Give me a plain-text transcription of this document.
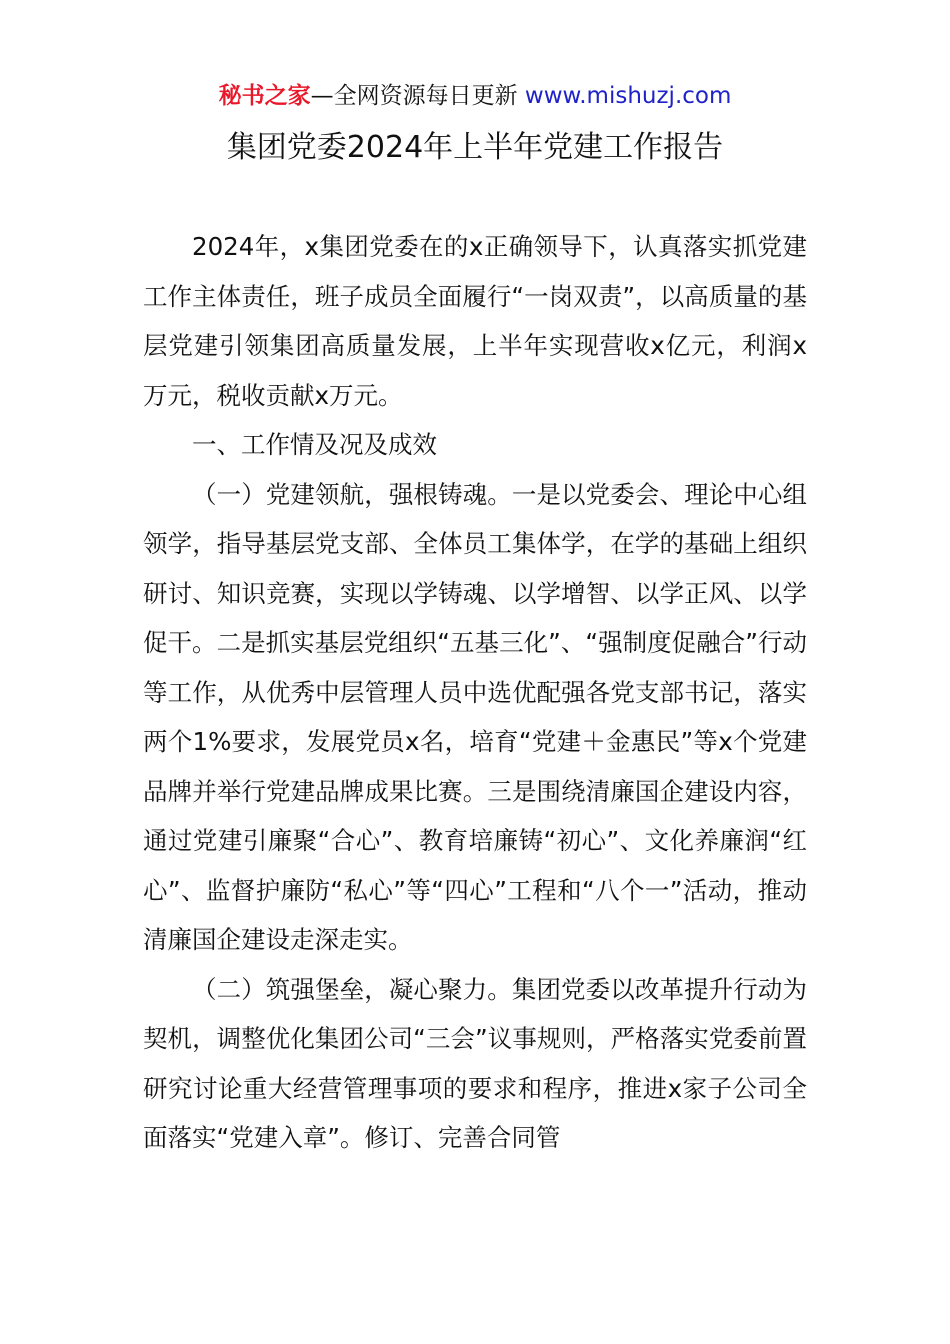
秘书之家—全网资源每日更新 www.mishuzj.com
集团党委2024年上半年党建工作报告

2024年，x集团党委在的x正确领导下，认真落实抓党建工作主体责任，班子成员全面履行“一岗双责”，以高质量的基层党建引领集团高质量发展，上半年实现营收x亿元，利润x万元，税收贡献x万元。

一、工作情及况及成效

（一）党建领航，强根铸魂。一是以党委会、理论中心组领学，指导基层党支部、全体员工集体学，在学的基础上组织研讨、知识竞赛，实现以学铸魂、以学增智、以学正风、以学促干。二是抓实基层党组织“五基三化”、“强制度促融合”行动等工作，从优秀中层管理人员中选优配强各党支部书记，落实两个1%要求，发展党员x名，培育“党建＋金惠民”等x个党建品牌并举行党建品牌成果比赛。三是围绕清廉国企建设内容，通过党建引廉聚“合心”、教育培廉铸“初心”、文化养廉润“红心”、监督护廉防“私心”等“四心”工程和“八个一”活动，推动清廉国企建设走深走实。

（二）筑强堡垒，凝心聚力。集团党委以改革提升行动为契机，调整优化集团公司“三会”议事规则，严格落实党委前置研究讨论重大经营管理事项的要求和程序，推进x家子公司全面落实“党建入章”。修订、完善合同管
